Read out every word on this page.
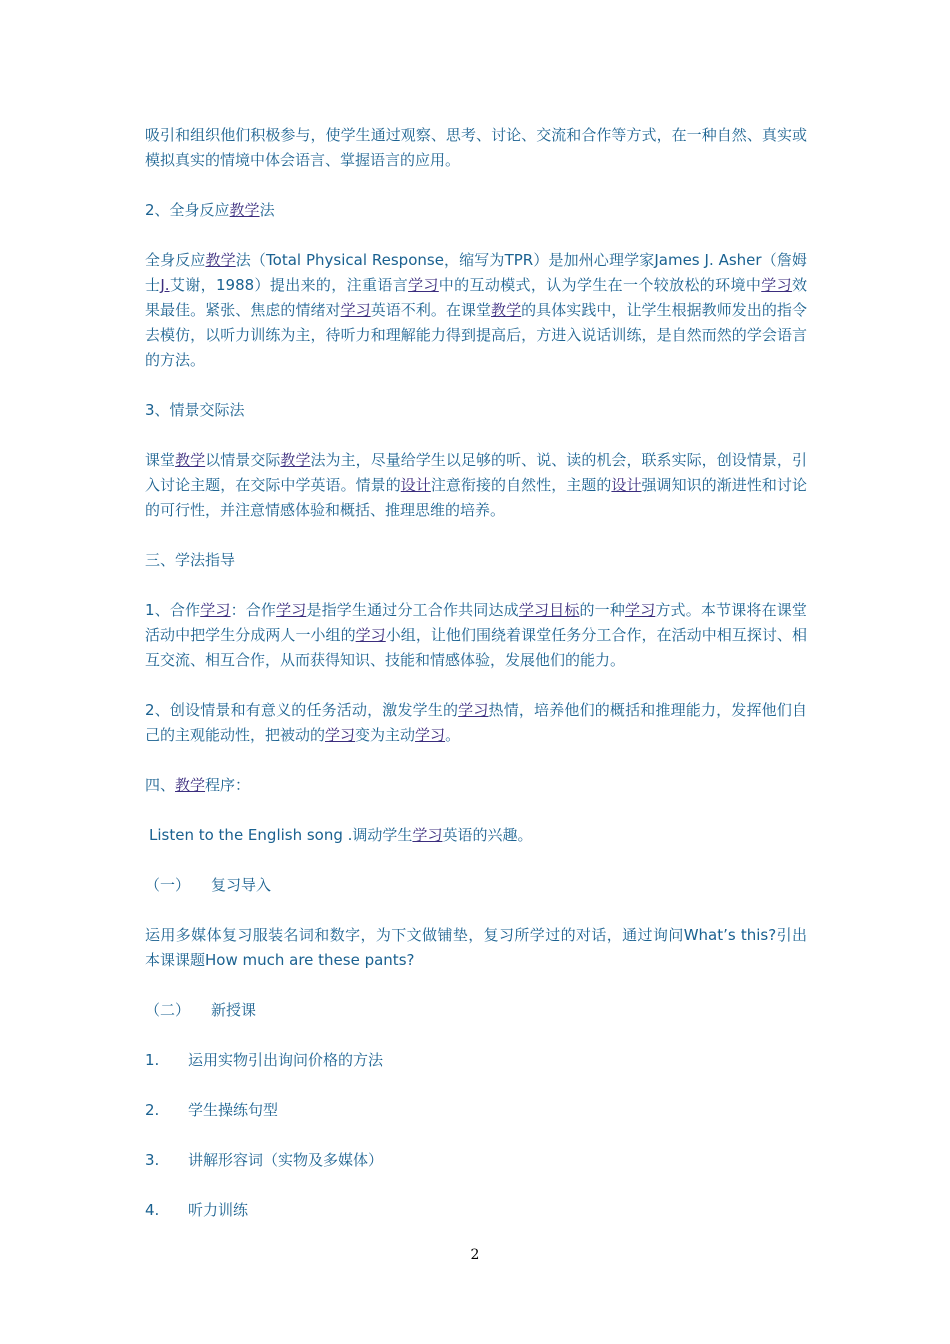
吸引和组织他们积极参与，使学生通过观察、思考、讨论、交流和合作等方式，在一种自然、真实或模拟真实的情境中体会语言、掌握语言的应用。
2、全身反应教学法
全身反应教学法（Total Physical Response，缩写为TPR）是加州心理学家James J. Asher（詹姆士J.艾谢，1988）提出来的，注重语言学习中的互动模式，认为学生在一个较放松的环境中学习效果最佳。紧张、焦虑的情绪对学习英语不利。在课堂教学的具体实践中，让学生根据教师发出的指令去模仿，以听力训练为主，待听力和理解能力得到提高后，方进入说话训练，是自然而然的学会语言的方法。
3、情景交际法
课堂教学以情景交际教学法为主，尽量给学生以足够的听、说、读的机会，联系实际，创设情景，引入讨论主题，在交际中学英语。情景的设计注意衔接的自然性，主题的设计强调知识的渐进性和讨论的可行性，并注意情感体验和概括、推理思维的培养。
三、学法指导
1、合作学习：合作学习是指学生通过分工合作共同达成学习目标的一种学习方式。本节课将在课堂活动中把学生分成两人一小组的学习小组，让他们围绕着课堂任务分工合作，在活动中相互探讨、相互交流、相互合作，从而获得知识、技能和情感体验，发展他们的能力。
2、创设情景和有意义的任务活动，激发学生的学习热情，培养他们的概括和推理能力，发挥他们自己的主观能动性，把被动的学习变为主动学习。
四、教学程序：
Listen to the English song .调动学生学习英语的兴趣。
（一）	复习导入
运用多媒体复习服装名词和数字，为下文做铺垫，复习所学过的对话，通过询问What’s this?引出本课课题How much are these pants?
（二）	新授课
1.	运用实物引出询问价格的方法
2.	学生操练句型
3.	讲解形容词（实物及多媒体）
4.	听力训练
2
